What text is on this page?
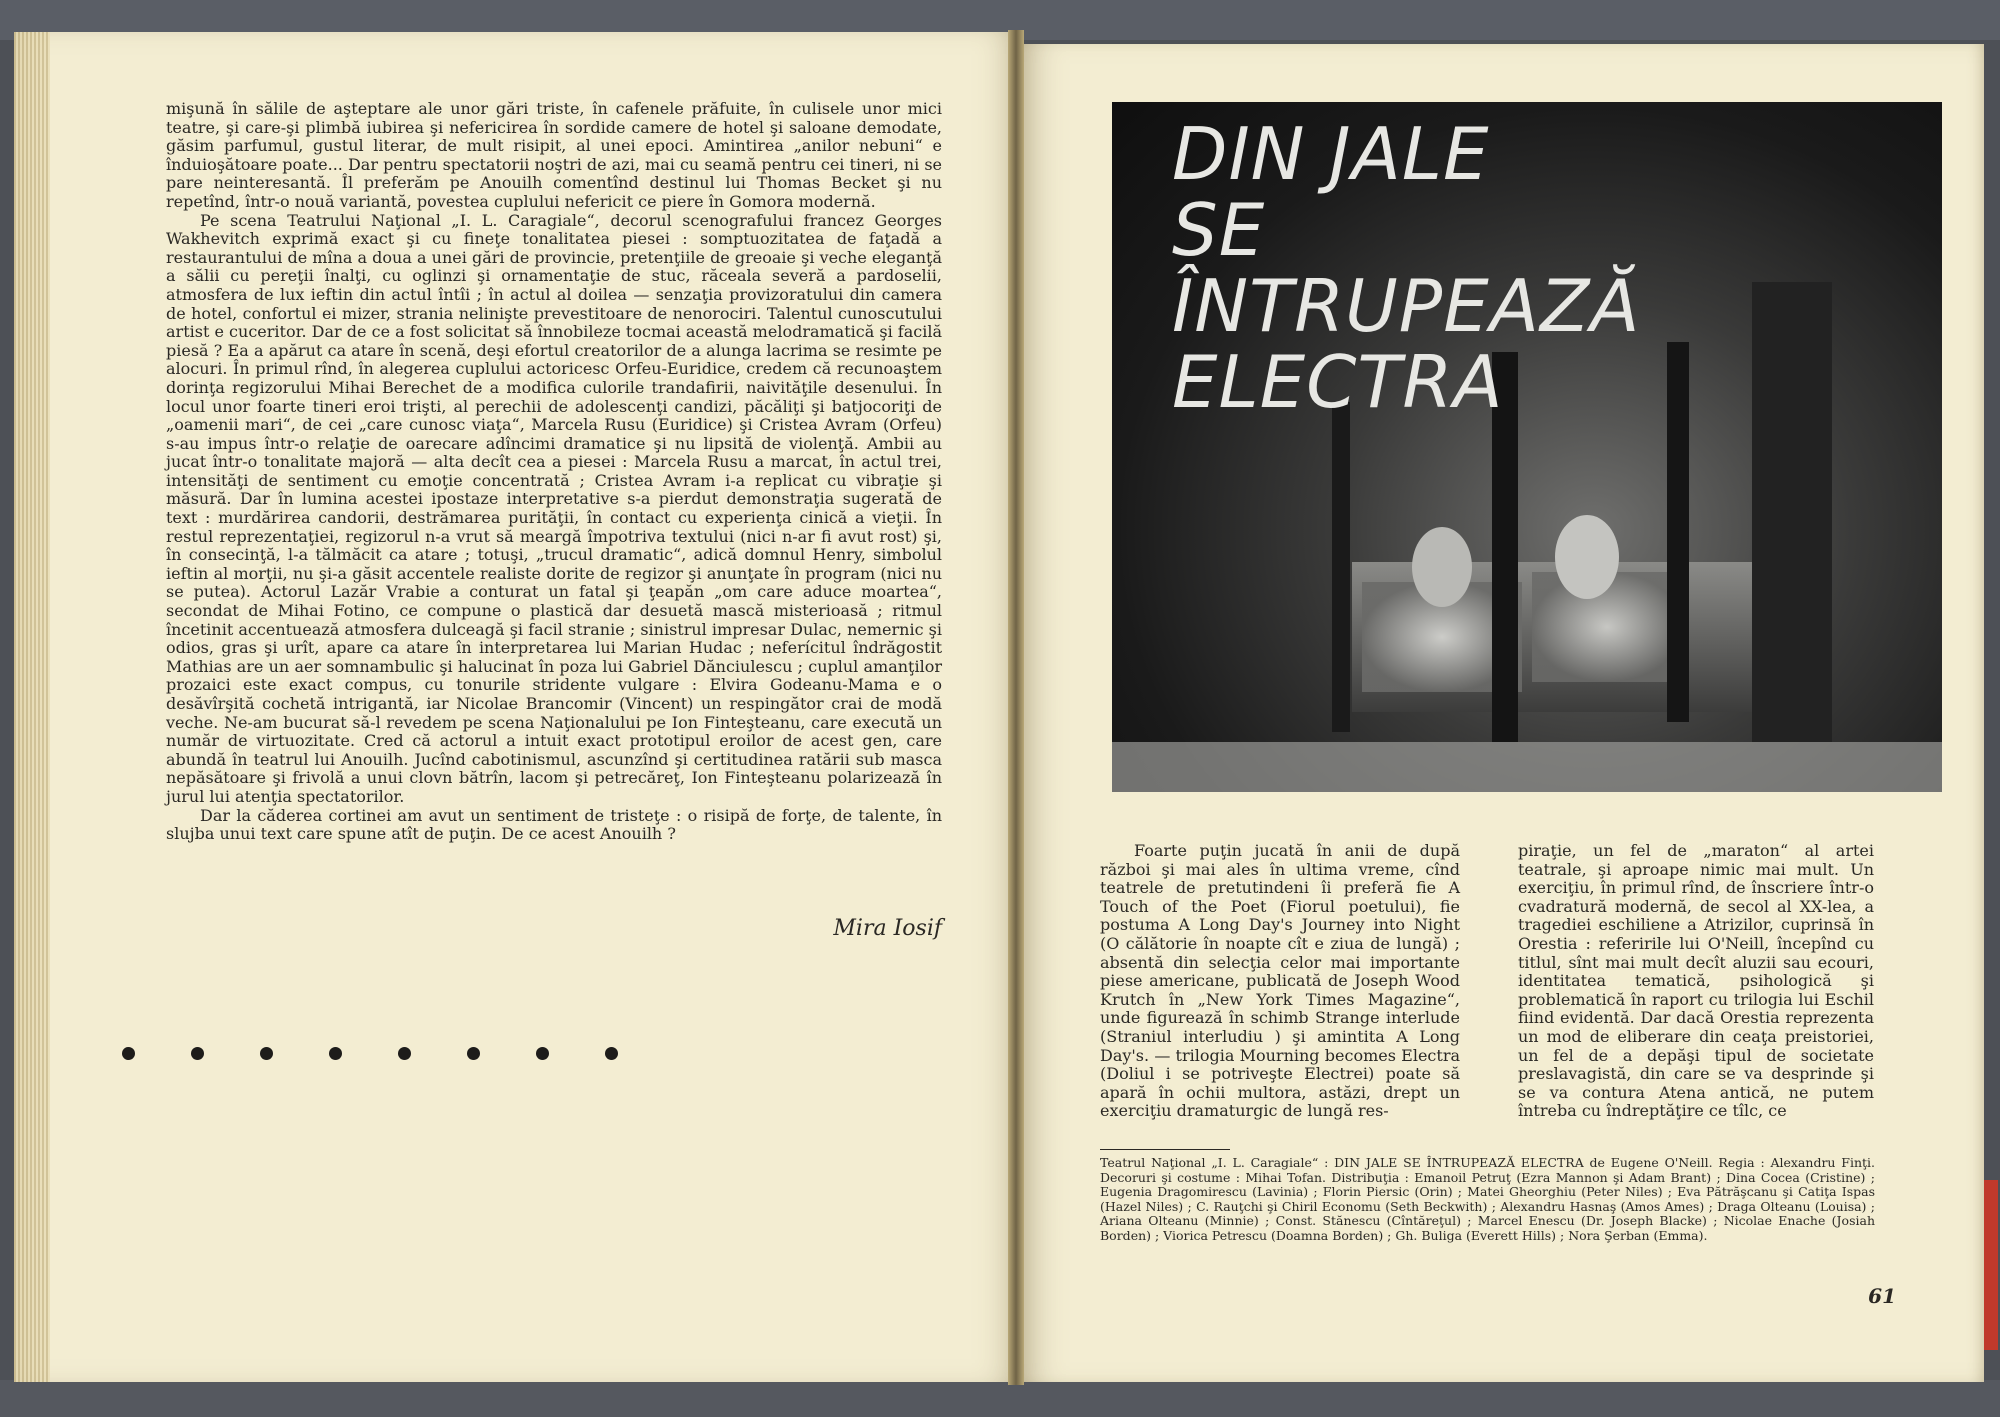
mişună în sălile de aşteptare ale unor gări triste, în cafenele prăfuite, în culisele unor mici teatre, şi care-şi plimbă iubirea şi nefericirea în sordide camere de hotel şi saloane demodate, găsim parfumul, gustul literar, de mult risipit, al unei epoci. Amintirea „anilor nebuni“ e înduioşătoare poate... Dar pentru spectatorii noştri de azi, mai cu seamă pentru cei tineri, ni se pare neinteresantă. Îl preferăm pe Anouilh comentînd destinul lui Thomas Becket şi nu repetînd, într-o nouă variantă, povestea cuplului nefericit ce piere în Gomora modernă.

Pe scena Teatrului Naţional „I. L. Caragiale“, decorul scenografului francez Georges Wakhevitch exprimă exact şi cu fineţe tonalitatea piesei : somptuozitatea de faţadă a restaurantului de mîna a doua a unei gări de provincie, pretenţiile de greoaie şi veche eleganţă a sălii cu pereţii înalţi, cu oglinzi şi ornamentaţie de stuc, răceala severă a pardoselii, atmosfera de lux ieftin din actul întîi ; în actul al doilea — senzaţia provizoratului din camera de hotel, confortul ei mizer, strania nelinişte prevestitoare de nenorociri. Talentul cunoscutului artist e cuceritor. Dar de ce a fost solicitat să înnobileze tocmai această melodramatică şi facilă piesă ? Ea a apărut ca atare în scenă, deşi efortul creatorilor de a alunga lacrima se resimte pe alocuri. În primul rînd, în alegerea cuplului actoricesc Orfeu-Euridice, credem că recunoaştem dorinţa regizorului Mihai Berechet de a modifica culorile trandafirii, naivităţile desenului. În locul unor foarte tineri eroi trişti, al perechii de adolescenţi candizi, păcăliţi şi batjocoriţi de „oamenii mari“, de cei „care cunosc viaţa“, Marcela Rusu (Euridice) şi Cristea Avram (Orfeu) s-au impus într-o relaţie de oarecare adîncimi dramatice şi nu lipsită de violenţă. Ambii au jucat într-o tonalitate majoră — alta decît cea a piesei : Marcela Rusu a marcat, în actul trei, intensităţi de sentiment cu emoţie concentrată ; Cristea Avram i-a replicat cu vibraţie şi măsură. Dar în lumina acestei ipostaze interpretative s-a pierdut demonstraţia sugerată de text : murdărirea candorii, destrămarea purităţii, în contact cu experienţa cinică a vieţii. În restul reprezentaţiei, regizorul n-a vrut să meargă împotriva textului (nici n-ar fi avut rost) şi, în consecinţă, l-a tălmăcit ca atare ; totuşi, „trucul dramatic“, adică domnul Henry, simbolul ieftin al morţii, nu şi-a găsit accentele realiste dorite de regizor şi anunţate în program (nici nu se putea). Actorul Lazăr Vrabie a conturat un fatal şi ţeapăn „om care aduce moartea“, secondat de Mihai Fotino, ce compune o plastică dar desuetă mască misterioasă ; ritmul încetinit accentuează atmosfera dulceagă şi facil stranie ; sinistrul impresar Dulac, nemernic şi odios, gras şi urît, apare ca atare în interpretarea lui Marian Hudac ; neferícitul îndrăgostit Mathias are un aer somnambulic şi halucinat în poza lui Gabriel Dănciulescu ; cuplul amanţilor prozaici este exact compus, cu tonurile stridente vulgare : Elvira Godeanu-Mama e o desăvîrşită cochetă intrigantă, iar Nicolae Brancomir (Vincent) un respingător crai de modă veche. Ne-am bucurat să-l revedem pe scena Naţionalului pe Ion Finteşteanu, care execută un număr de virtuozitate. Cred că actorul a intuit exact prototipul eroilor de acest gen, care abundă în teatrul lui Anouilh. Jucînd cabotinismul, ascunzînd şi certitudinea ratării sub masca nepăsătoare şi frivolă a unui clovn bătrîn, lacom şi petrecăreţ, Ion Finteşteanu polarizează în jurul lui atenţia spectatorilor.

Dar la căderea cortinei am avut un sentiment de tristeţe : o risipă de forţe, de talente, în slujba unui text care spune atît de puţin. De ce acest Anouilh ?

Mira Iosif
DIN JALE
SE
ÎNTRUPEAZĂ
ELECTRA

Foarte puţin jucată în anii de după război şi mai ales în ultima vreme, cînd teatrele de pretutindeni îi preferă fie A Touch of the Poet (Fiorul poetului), fie postuma A Long Day's Journey into Night (O călătorie în noapte cît e ziua de lungă) ; absentă din selecţia celor mai importante piese americane, publicată de Joseph Wood Krutch în „New York Times Magazine“, unde figurează în schimb Strange interlude (Straniul interludiu ) şi amintita A Long Day's. — trilogia Mourning becomes Electra (Doliul i se potriveşte Electrei) poate să apară în ochii multora, astăzi, drept un exerciţiu dramaturgic de lungă res-

piraţie, un fel de „maraton“ al artei teatrale, şi aproape nimic mai mult. Un exerciţiu, în primul rînd, de înscriere într-o cvadratură modernă, de secol al XX-lea, a tragediei eschiliene a Atrizilor, cuprinsă în Orestia : referirile lui O'Neill, începînd cu titlul, sînt mai mult decît aluzii sau ecouri, identitatea tematică, psihologică şi problematică în raport cu trilogia lui Eschil fiind evidentă. Dar dacă Orestia reprezenta un mod de eliberare din ceaţa preistoriei, un fel de a depăşi tipul de societate preslavagistă, din care se va desprinde şi se va contura Atena antică, ne putem întreba cu îndreptăţire ce tîlc, ce

Teatrul Naţional „I. L. Caragiale“ : DIN JALE SE ÎNTRUPEAZĂ ELECTRA de Eugene O'Neill. Regia : Alexandru Finţi. Decoruri şi costume : Mihai Tofan. Distribuţia : Emanoil Petruţ (Ezra Mannon şi Adam Brant) ; Dina Cocea (Cristine) ; Eugenia Dragomirescu (Lavinia) ; Florin Piersic (Orin) ; Matei Gheorghiu (Peter Niles) ; Eva Pătrăşcanu şi Catiţa Ispas (Hazel Niles) ; C. Rauţchi şi Chiril Economu (Seth Beckwith) ; Alexandru Hasnaş (Amos Ames) ; Draga Olteanu (Louisa) ; Ariana Olteanu (Minnie) ; Const. Stănescu (Cîntăreţul) ; Marcel Enescu (Dr. Joseph Blacke) ; Nicolae Enache (Josiah Borden) ; Viorica Petrescu (Doamna Borden) ; Gh. Buliga (Everett Hills) ; Nora Şerban (Emma).
61
